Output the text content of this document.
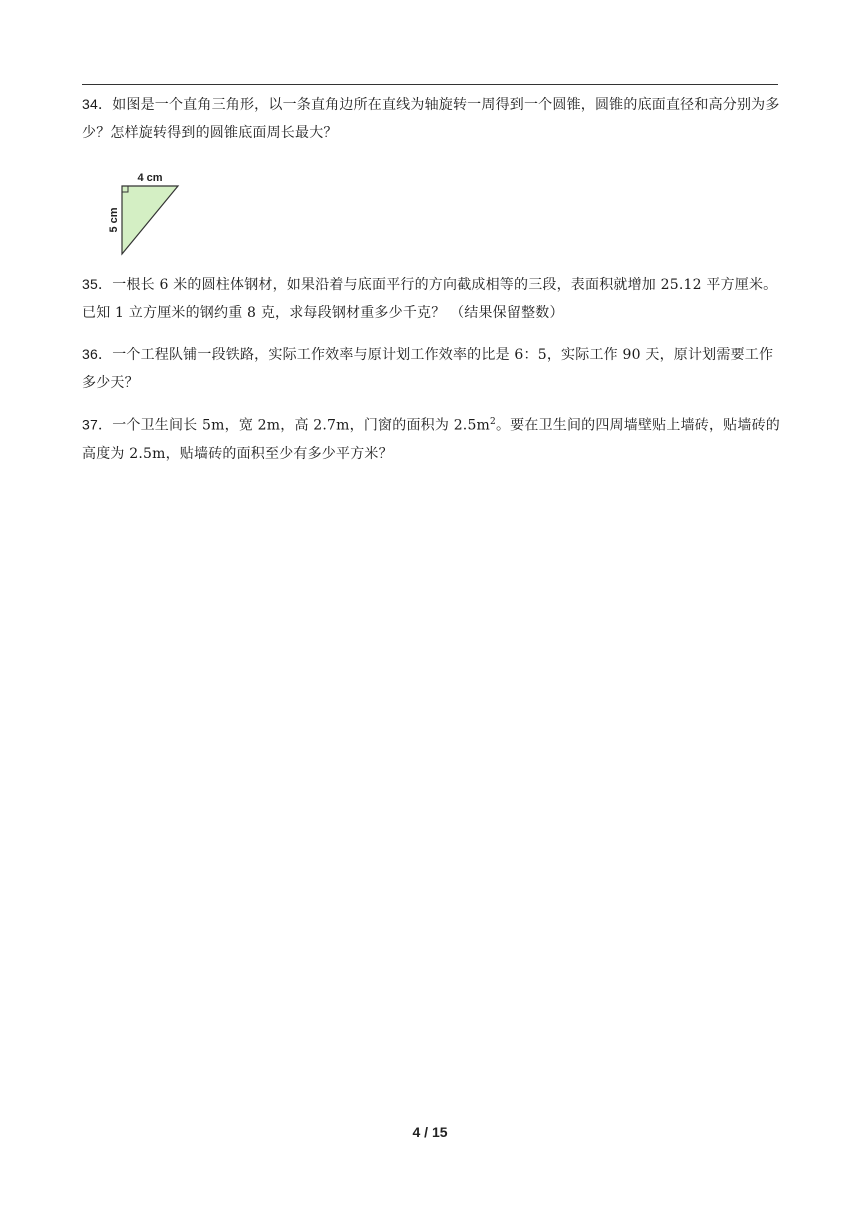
34．如图是一个直角三角形，以一条直角边所在直线为轴旋转一周得到一个圆锥，圆锥的底面直径和高分别为多少？怎样旋转得到的圆锥底面周长最大？
4 cm
5 cm
35．一根长 6 米的圆柱体钢材，如果沿着与底面平行的方向截成相等的三段，表面积就增加 25.12 平方厘米。已知 1 立方厘米的钢约重 8 克，求每段钢材重多少千克？ （结果保留整数）
36．一个工程队铺一段铁路，实际工作效率与原计划工作效率的比是 6：5，实际工作 90 天，原计划需要工作多少天？
37．一个卫生间长 5m，宽 2m，高 2.7m，门窗的面积为 $2.5m^2$。要在卫生间的四周墙壁贴上墙砖，贴墙砖的高度为 2.5m，贴墙砖的面积至少有多少平方米？
4 / 15
